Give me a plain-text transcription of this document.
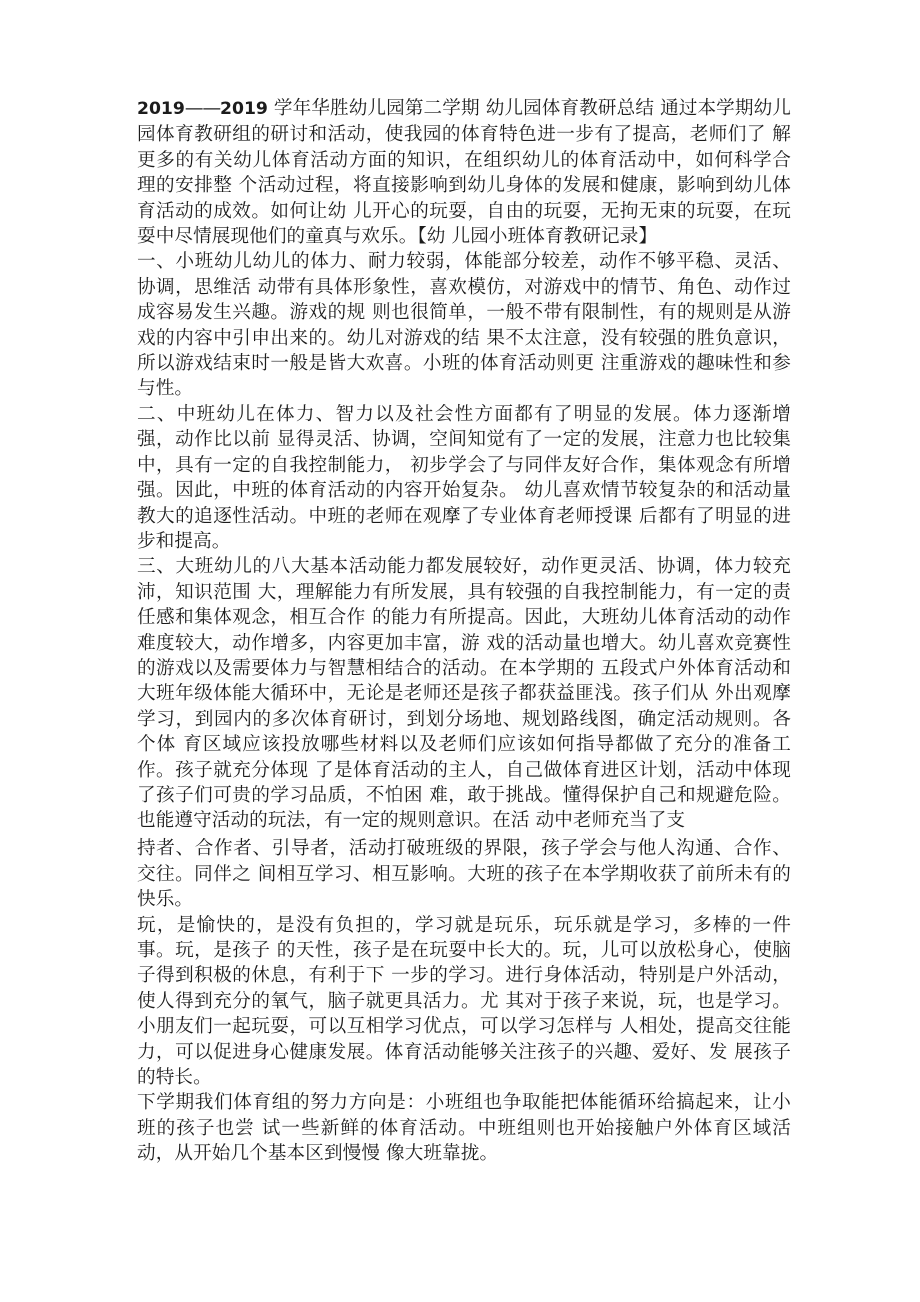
2019——2019 学年华胜幼儿园第二学期 幼儿园体育教研总结 通过本学期幼儿园体育教研组的研讨和活动，使我园的体育特色进一步有了提高，老师们了 解更多的有关幼儿体育活动方面的知识，在组织幼儿的体育活动中，如何科学合理的安排整 个活动过程，将直接影响到幼儿身体的发展和健康，影响到幼儿体育活动的成效。如何让幼 儿开心的玩耍，自由的玩耍，无拘无束的玩耍，在玩耍中尽情展现他们的童真与欢乐。【幼 儿园小班体育教研记录】

一、小班幼儿幼儿的体力、耐力较弱，体能部分较差，动作不够平稳、灵活、协调，思维活 动带有具体形象性，喜欢模仿，对游戏中的情节、角色、动作过成容易发生兴趣。游戏的规 则也很简单，一般不带有限制性，有的规则是从游戏的内容中引申出来的。幼儿对游戏的结 果不太注意，没有较强的胜负意识，所以游戏结束时一般是皆大欢喜。小班的体育活动则更 注重游戏的趣味性和参与性。

二、中班幼儿在体力、智力以及社会性方面都有了明显的发展。体力逐渐增强，动作比以前 显得灵活、协调，空间知觉有了一定的发展，注意力也比较集中，具有一定的自我控制能力， 初步学会了与同伴友好合作，集体观念有所增强。因此，中班的体育活动的内容开始复杂。 幼儿喜欢情节较复杂的和活动量教大的追逐性活动。中班的老师在观摩了专业体育老师授课 后都有了明显的进步和提高。

三、大班幼儿的八大基本活动能力都发展较好，动作更灵活、协调，体力较充沛，知识范围 大，理解能力有所发展，具有较强的自我控制能力，有一定的责任感和集体观念，相互合作 的能力有所提高。因此，大班幼儿体育活动的动作难度较大，动作增多，内容更加丰富，游 戏的活动量也增大。幼儿喜欢竞赛性的游戏以及需要体力与智慧相结合的活动。在本学期的 五段式户外体育活动和大班年级体能大循环中，无论是老师还是孩子都获益匪浅。孩子们从 外出观摩学习，到园内的多次体育研讨，到划分场地、规划路线图，确定活动规则。各个体 育区域应该投放哪些材料以及老师们应该如何指导都做了充分的准备工作。孩子就充分体现 了是体育活动的主人，自己做体育进区计划，活动中体现了孩子们可贵的学习品质，不怕困 难，敢于挑战。懂得保护自己和规避危险。也能遵守活动的玩法，有一定的规则意识。在活 动中老师充当了支

持者、合作者、引导者，活动打破班级的界限，孩子学会与他人沟通、合作、交往。同伴之 间相互学习、相互影响。大班的孩子在本学期收获了前所未有的快乐。

玩，是愉快的，是没有负担的，学习就是玩乐，玩乐就是学习，多棒的一件事。玩，是孩子 的天性，孩子是在玩耍中长大的。玩，儿可以放松身心，使脑子得到积极的休息，有利于下 一步的学习。进行身体活动，特别是户外活动，使人得到充分的氧气，脑子就更具活力。尤 其对于孩子来说，玩，也是学习。小朋友们一起玩耍，可以互相学习优点，可以学习怎样与 人相处，提高交往能力，可以促进身心健康发展。体育活动能够关注孩子的兴趣、爱好、发 展孩子的特长。

下学期我们体育组的努力方向是：小班组也争取能把体能循环给搞起来，让小班的孩子也尝 试一些新鲜的体育活动。中班组则也开始接触户外体育区域活动，从开始几个基本区到慢慢 像大班靠拢。
